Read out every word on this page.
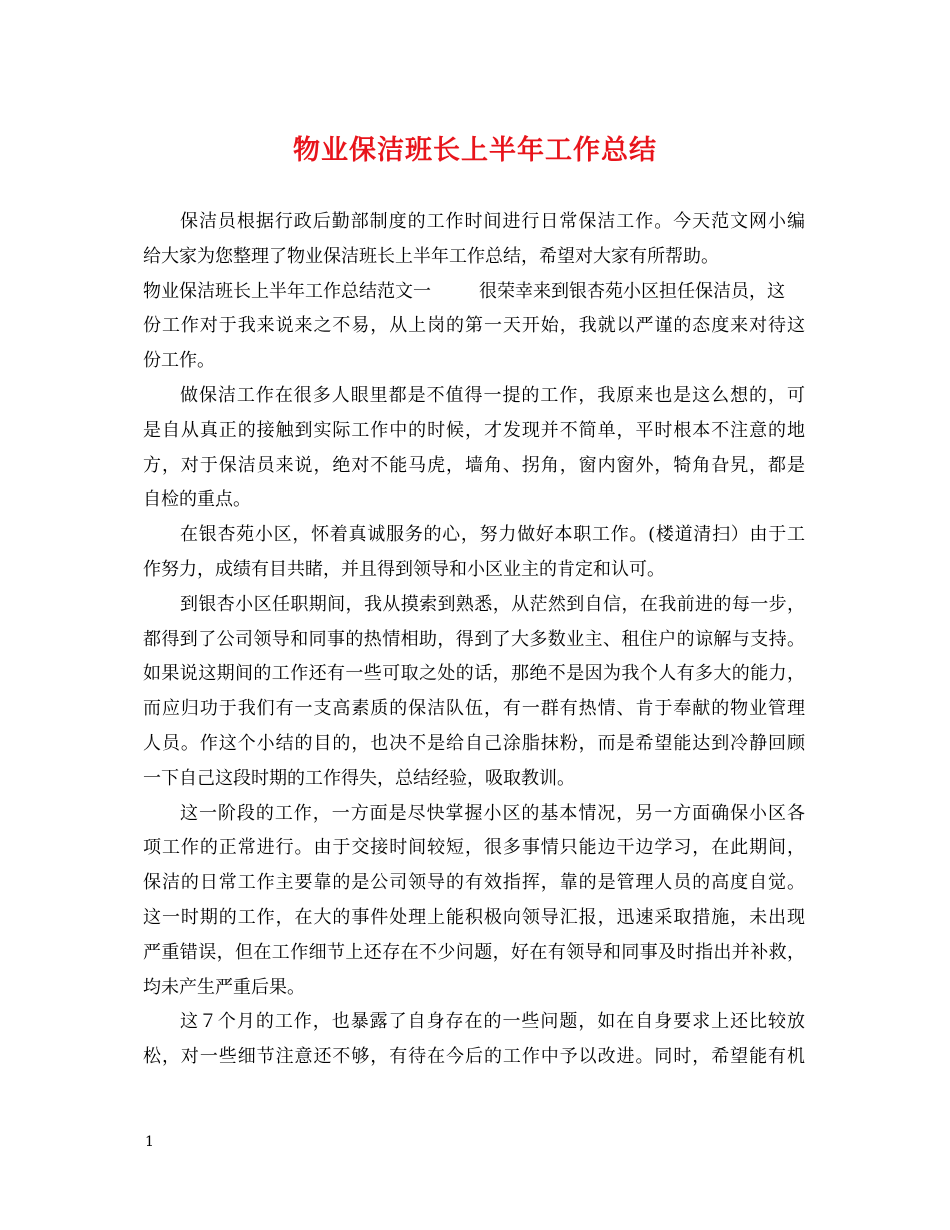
物业保洁班长上半年工作总结
保洁员根据行政后勤部制度的工作时间进行日常保洁工作。今天范文网小编
给大家为您整理了物业保洁班长上半年工作总结，希望对大家有所帮助。
物业保洁班长上半年工作总结范文一	很荣幸来到银杏苑小区担任保洁员，这
份工作对于我来说来之不易，从上岗的第一天开始，我就以严谨的态度来对待这
份工作。
做保洁工作在很多人眼里都是不值得一提的工作，我原来也是这么想的，可
是自从真正的接触到实际工作中的时候，才发现并不简单，平时根本不注意的地
方，对于保洁员来说，绝对不能马虎，墙角、拐角，窗内窗外，犄角旮旯，都是
自检的重点。
在银杏苑小区，怀着真诚服务的心，努力做好本职工作。(楼道清扫）由于工
作努力，成绩有目共睹，并且得到领导和小区业主的肯定和认可。
到银杏小区任职期间，我从摸索到熟悉，从茫然到自信，在我前进的每一步，
都得到了公司领导和同事的热情相助，得到了大多数业主、租住户的谅解与支持。
如果说这期间的工作还有一些可取之处的话，那绝不是因为我个人有多大的能力，
而应归功于我们有一支高素质的保洁队伍，有一群有热情、肯于奉献的物业管理
人员。作这个小结的目的，也决不是给自己涂脂抹粉，而是希望能达到冷静回顾
一下自己这段时期的工作得失，总结经验，吸取教训。
这一阶段的工作，一方面是尽快掌握小区的基本情况，另一方面确保小区各
项工作的正常进行。由于交接时间较短，很多事情只能边干边学习，在此期间，
保洁的日常工作主要靠的是公司领导的有效指挥，靠的是管理人员的高度自觉。
这一时期的工作，在大的事件处理上能积极向领导汇报，迅速采取措施，未出现
严重错误，但在工作细节上还存在不少问题，好在有领导和同事及时指出并补救，
均未产生严重后果。
这７个月的工作，也暴露了自身存在的一些问题，如在自身要求上还比较放
松，对一些细节注意还不够，有待在今后的工作中予以改进。同时，希望能有机
1
